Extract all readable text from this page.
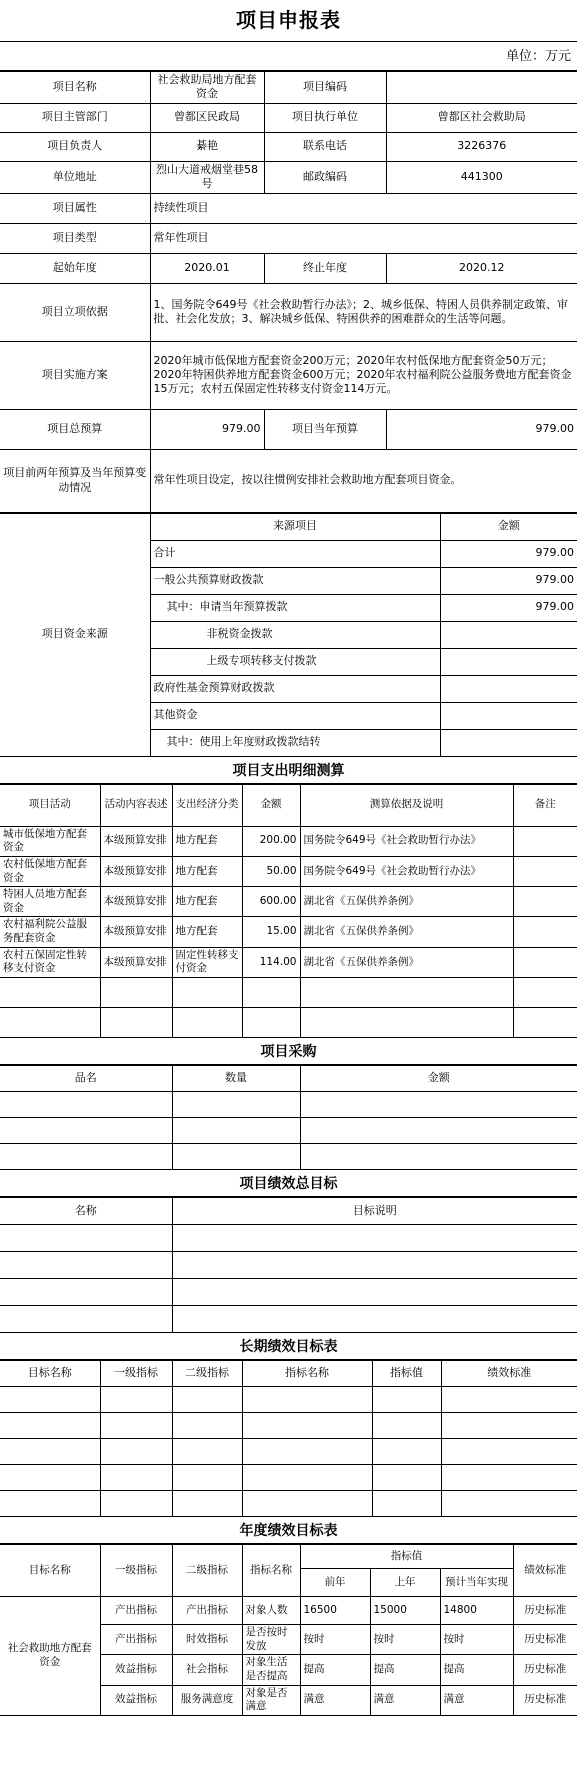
项目申报表
单位：万元
项目名称	社会救助局地方配套资金	项目编码	
项目主管部门	曾都区民政局	项目执行单位	曾都区社会救助局
项目负责人	綦艳	联系电话	3226376
单位地址	烈山大道戒烟堂巷58号	邮政编码	441300
项目属性	持续性项目		
项目类型	常年性项目		
起始年度	2020.01	终止年度	2020.12
项目立项依据	1、国务院令649号《社会救助暂行办法》；2、城乡低保、特困人员供养制定政策、审批、社会化发放；3、解决城乡低保、特困供养的困难群众的生活等问题。		
项目实施方案	2020年城市低保地方配套资金200万元；2020年农村低保地方配套资金50万元；2020年特困供养地方配套资金600万元；2020年农村福利院公益服务费地方配套资金15万元；农村五保固定性转移支付资金114万元。		
项目总预算	979.00	项目当年预算	979.00
项目前两年预算及当年预算变动情况	常年性项目设定，按以往惯例安排社会救助地方配套项目资金。		
项目资金来源	来源项目	金额
	合计	979.00
	一般公共预算财政拨款	979.00
	其中：申请当年预算拨款	979.00
	非税资金拨款	
	上级专项转移支付拨款	
	政府性基金预算财政拨款	
	其他资金	
	其中：使用上年度财政拨款结转	
项目支出明细测算
项目活动	活动内容表述	支出经济分类	金额	测算依据及说明	备注
城市低保地方配套资金	本级预算安排	地方配套	200.00	国务院令649号《社会救助暂行办法》	
农村低保地方配套资金	本级预算安排	地方配套	50.00	国务院令649号《社会救助暂行办法》	
特困人员地方配套资金	本级预算安排	地方配套	600.00	湖北省《五保供养条例》	
农村福利院公益服务配套资金	本级预算安排	地方配套	15.00	湖北省《五保供养条例》	
农村五保固定性转移支付资金	本级预算安排	固定性转移支付资金	114.00	湖北省《五保供养条例》	

项目采购
品名	数量	金额

项目绩效总目标
名称	目标说明

长期绩效目标表
目标名称	一级指标	二级指标	指标名称	指标值	绩效标准

年度绩效目标表
目标名称	一级指标	二级指标	指标名称	指标值			绩效标准
				前年	上年	预计当年实现	
社会救助地方配套资金	产出指标	产出指标	对象人数	16500	15000	14800	历史标准
	产出指标	时效指标	是否按时发放	按时	按时	按时	历史标准
	效益指标	社会指标	对象生活是否提高	提高	提高	提高	历史标准
	效益指标	服务满意度	对象是否满意	满意	满意	满意	历史标准
